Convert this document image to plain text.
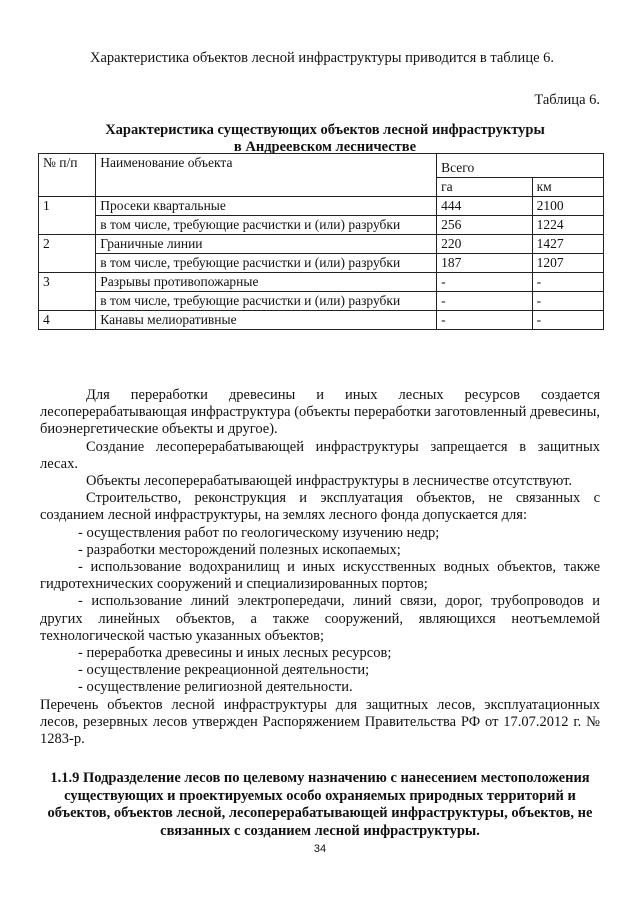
Характеристика объектов лесной инфраструктуры приводится в таблице 6.
Таблица 6.
Характеристика существующих объектов лесной инфраструктуры
в Андреевском лесничестве
№ п/п	Наименование объекта	Всего	
		га	км
1	Просеки квартальные	444	2100
	в том числе, требующие расчистки и (или) разрубки	256	1224
2	Граничные линии	220	1427
	в том числе, требующие расчистки и (или) разрубки	187	1207
3	Разрывы противопожарные	-	-
	в том числе, требующие расчистки и (или) разрубки	-	-
4	Канавы мелиоративные	-	-

Для переработки древесины и иных лесных ресурсов создается лесоперерабатывающая инфраструктура (объекты переработки заготовленный древесины, биоэнергетические объекты и другое).

Создание лесоперерабатывающей инфраструктуры запрещается в защитных лесах.

Объекты лесоперерабатывающей инфраструктуры в лесничестве отсутствуют.

Строительство, реконструкция и эксплуатация объектов, не связанных с созданием лесной инфраструктуры, на землях лесного фонда допускается для:

- осуществления работ по геологическому изучению недр;

- разработки месторождений полезных ископаемых;

- использование водохранилищ и иных искусственных водных объектов, также гидротехнических сооружений и специализированных портов;

- использование линий электропередачи, линий связи, дорог, трубопроводов и других линейных объектов, а также сооружений, являющихся неотъемлемой технологической частью указанных объектов;

- переработка древесины и иных лесных ресурсов;

- осуществление рекреационной деятельности;

- осуществление религиозной деятельности.

Перечень объектов лесной инфраструктуры для защитных лесов, эксплуатационных лесов, резервных лесов утвержден Распоряжением Правительства РФ от 17.07.2012 г. № 1283-р.

1.1.9 Подразделение лесов по целевому назначению с нанесением местоположения существующих и проектируемых особо охраняемых природных территорий и объектов, объектов лесной, лесоперерабатывающей инфраструктуры, объектов, не связанных с созданием лесной инфраструктуры.
34
